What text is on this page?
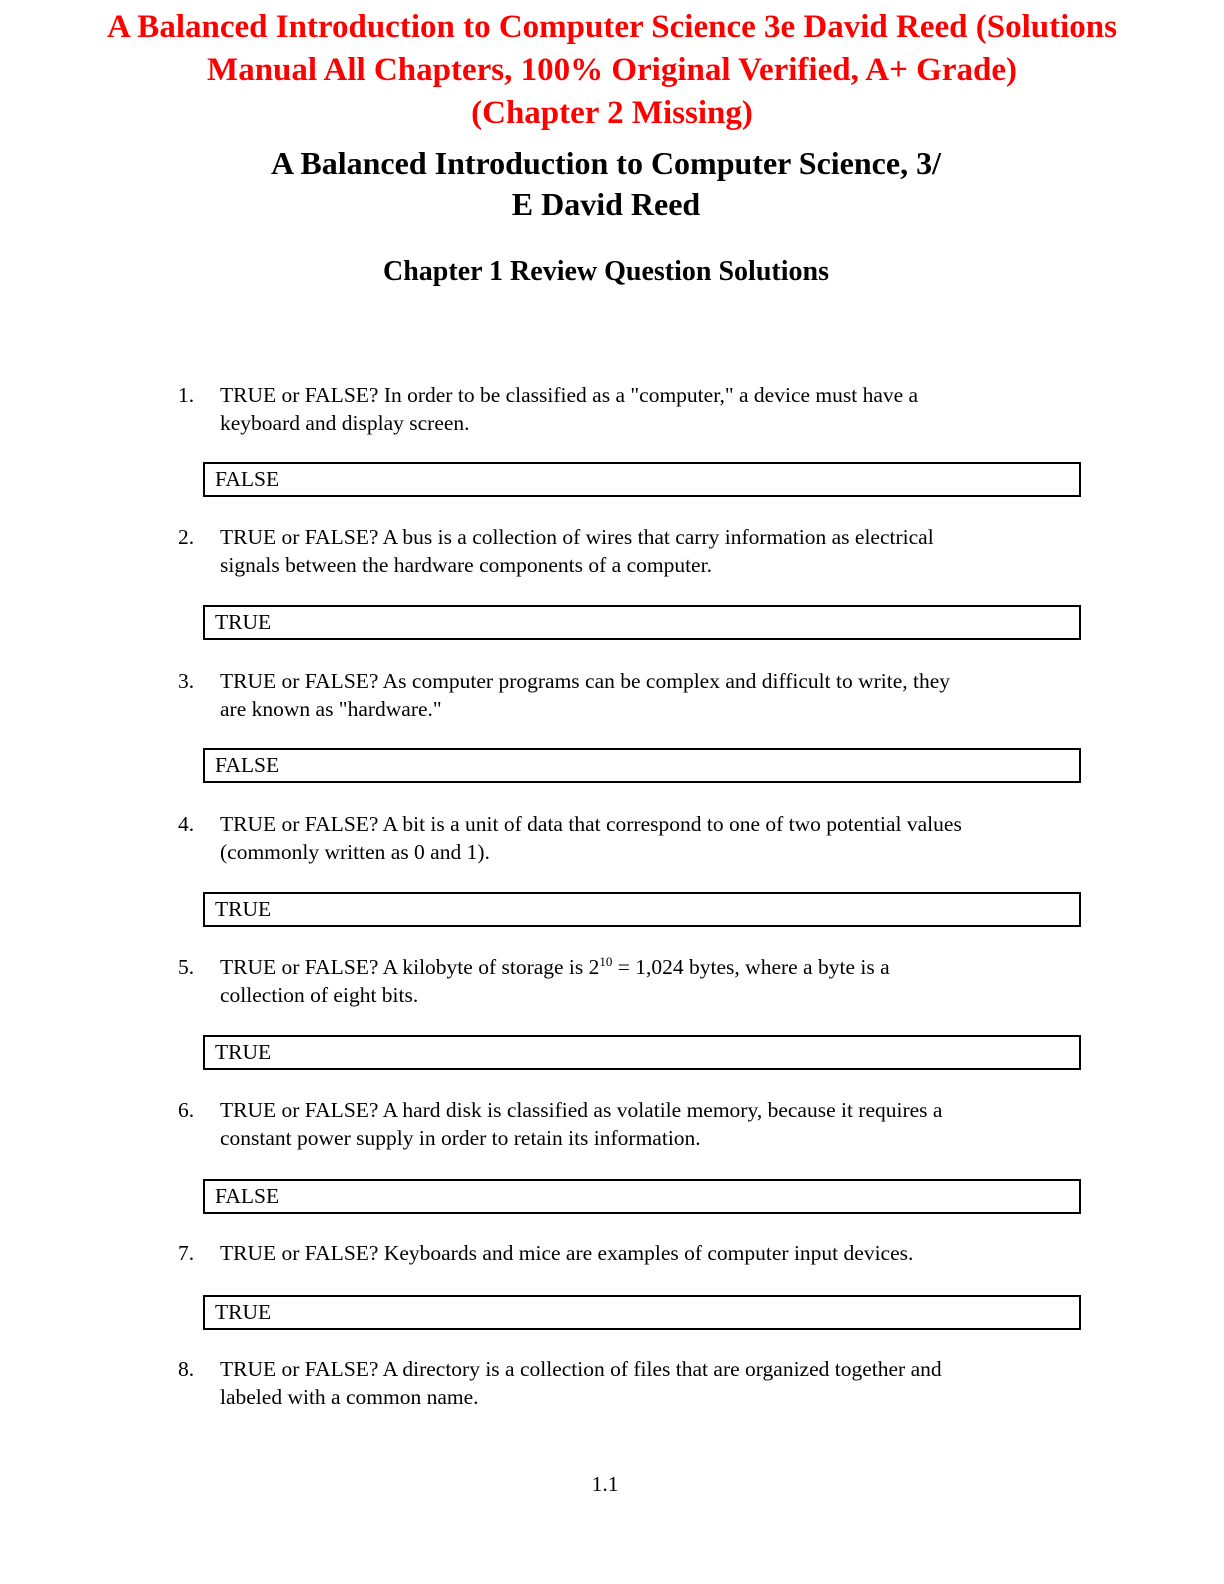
A Balanced Introduction to Computer Science 3e David Reed (Solutions
Manual All Chapters, 100% Original Verified, A+ Grade)
(Chapter 2 Missing)
A Balanced Introduction to Computer Science, 3/
E David Reed
Chapter 1 Review Question Solutions
1. TRUE or FALSE? In order to be classified as a "computer," a device must have a
keyboard and display screen.
FALSE
2. TRUE or FALSE? A bus is a collection of wires that carry information as electrical
signals between the hardware components of a computer.
TRUE
3. TRUE or FALSE? As computer programs can be complex and difficult to write, they
are known as "hardware."
FALSE
4. TRUE or FALSE? A bit is a unit of data that correspond to one of two potential values
(commonly written as 0 and 1).
TRUE
5. TRUE or FALSE? A kilobyte of storage is $2^{10} = 1,024$ bytes, where a byte is a
collection of eight bits.
TRUE
6. TRUE or FALSE? A hard disk is classified as volatile memory, because it requires a
constant power supply in order to retain its information.
FALSE
7. TRUE or FALSE? Keyboards and mice are examples of computer input devices.
TRUE
8. TRUE or FALSE? A directory is a collection of files that are organized together and
labeled with a common name.
1.1
